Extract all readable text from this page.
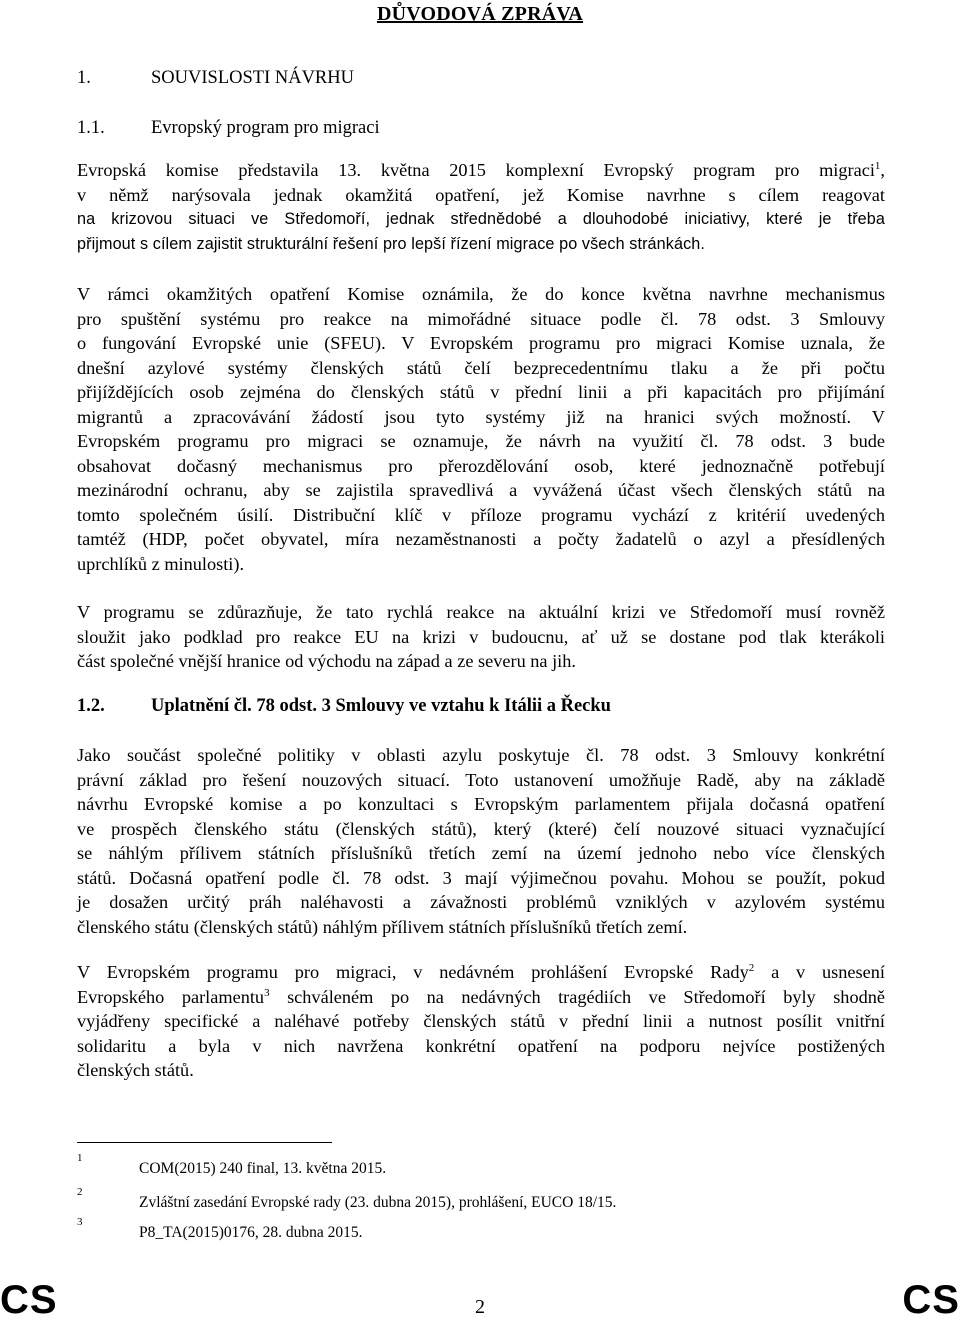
DŮVODOVÁ ZPRÁVA
1.	SOUVISLOSTI NÁVRHU
1.1.	Evropský program pro migraci
Evropská komise představila 13. května 2015 komplexní Evropský program pro migraci$^1$,
v němž narýsovala jednak okamžitá opatření, jež Komise navrhne s cílem reagovat
na krizovou situaci ve Středomoří, jednak střednědobé a dlouhodobé iniciativy, které je třeba
přijmout s cílem zajistit strukturální řešení pro lepší řízení migrace po všech stránkách.
V rámci okamžitých opatření Komise oznámila, že do konce května navrhne mechanismus
pro spuštění systému pro reakce na mimořádné situace podle čl. 78 odst. 3 Smlouvy
o fungování Evropské unie (SFEU). V Evropském programu pro migraci Komise uznala, že
dnešní azylové systémy členských států čelí bezprecedentnímu tlaku a že při počtu
přijíždějících osob zejména do členských států v přední linii a při kapacitách pro přijímání
migrantů a zpracovávání žádostí jsou tyto systémy již na hranici svých možností. V
Evropském programu pro migraci se oznamuje, že návrh na využití čl. 78 odst. 3 bude
obsahovat dočasný mechanismus pro přerozdělování osob, které jednoznačně potřebují
mezinárodní ochranu, aby se zajistila spravedlivá a vyvážená účast všech členských států na
tomto společném úsilí. Distribuční klíč v příloze programu vychází z kritérií uvedených
tamtéž (HDP, počet obyvatel, míra nezaměstnanosti a počty žadatelů o azyl a přesídlených
uprchlíků z minulosti).
V programu se zdůrazňuje, že tato rychlá reakce na aktuální krizi ve Středomoří musí rovněž
sloužit jako podklad pro reakce EU na krizi v budoucnu, ať už se dostane pod tlak kterákoli
část společné vnější hranice od východu na západ a ze severu na jih.
1.2.	Uplatnění čl. 78 odst. 3 Smlouvy ve vztahu k Itálii a Řecku
Jako součást společné politiky v oblasti azylu poskytuje čl. 78 odst. 3 Smlouvy konkrétní
právní základ pro řešení nouzových situací. Toto ustanovení umožňuje Radě, aby na základě
návrhu Evropské komise a po konzultaci s Evropským parlamentem přijala dočasná opatření
ve prospěch členského státu (členských států), který (které) čelí nouzové situaci vyznačující
se náhlým přílivem státních příslušníků třetích zemí na území jednoho nebo více členských
států. Dočasná opatření podle čl. 78 odst. 3 mají výjimečnou povahu. Mohou se použít, pokud
je dosažen určitý práh naléhavosti a závažnosti problémů vzniklých v azylovém systému
členského státu (členských států) náhlým přílivem státních příslušníků třetích zemí.
V Evropském programu pro migraci, v nedávném prohlášení Evropské Rady$^2$ a v usnesení
Evropského parlamentu$^3$ schváleném po na nedávných tragédiích ve Středomoří byly shodně
vyjádřeny specifické a naléhavé potřeby členských států v přední linii a nutnost posílit vnitřní
solidaritu a byla v nich navržena konkrétní opatření na podporu nejvíce postižených
členských států.
1
COM(2015) 240 final, 13. května 2015.
2
Zvláštní zasedání Evropské rady (23. dubna 2015), prohlášení, EUCO 18/15.
3
P8_TA(2015)0176, 28. dubna 2015.
CS	2	CS
